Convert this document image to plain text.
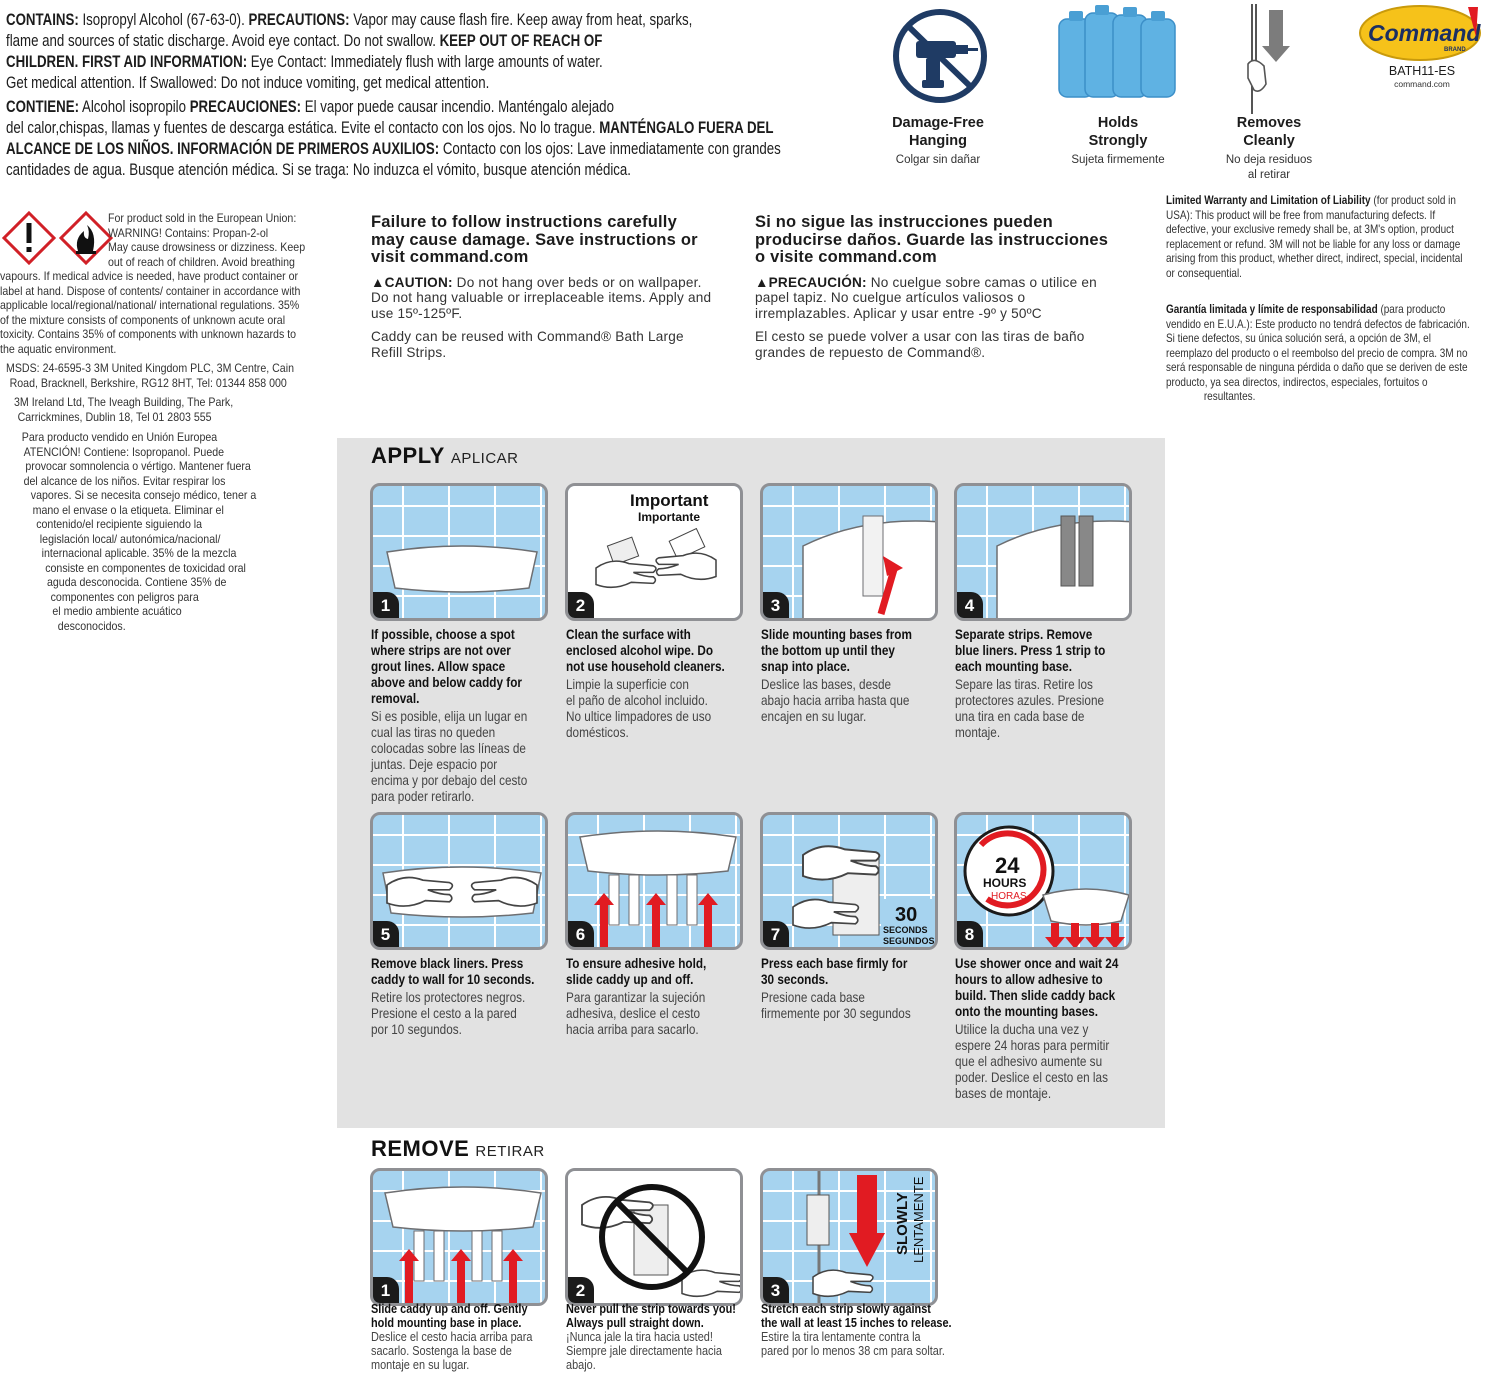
CONTAINS: Isopropyl Alcohol (67-63-0). PRECAUTIONS: Vapor may cause flash fire. Keep away from heat, sparks,

flame and sources of static discharge. Avoid eye contact. Do not swallow. KEEP OUT OF REACH OF

CHILDREN. FIRST AID INFORMATION: Eye Contact: Immediately flush with large amounts of water.

Get medical attention. If Swallowed: Do not induce vomiting, get medical attention.

CONTIENE: Alcohol isopropilo PRECAUCIONES: El vapor puede causar incendio. Manténgalo alejado

del calor,chispas, llamas y fuentes de descarga estática. Evite el contacto con los ojos. No lo trague. MANTÉNGALO FUERA DEL

ALCANCE DE LOS NIÑOS. INFORMACIÓN DE PRIMEROS AUXILIOS: Contacto con los ojos: Lave inmediatamente con grandes

cantidades de agua. Busque atención médica. Si se traga: No induzca el vómito, busque atención médica.

Damage-Free
Hanging
Colgar sin dañar
Holds
Strongly
Sujeta firmemente
Removes
Cleanly
No deja residuos
al retirar
Command
BRAND
BATH11-ES
command.com
For product sold in the European Union:
WARNING! Contains: Propan-2-ol
May cause drowsiness or dizziness. Keep
out of reach of children. Avoid breathing
vapours. If medical advice is needed, have product container or
label at hand. Dispose of contents/ container in accordance with
applicable local/regional/national/ international regulations. 35%
of the mixture consists of components of unknown acute oral
toxicity. Contains 35% of components with unknown hazards to
the aquatic environment.
MSDS: 24-6595-3 3M United Kingdom PLC, 3M Centre, Cain
Road, Bracknell, Berkshire, RG12 8HT, Tel: 01344 858 000
3M Ireland Ltd, The Iveagh Building, The Park,
Carrickmines, Dublin 18, Tel 01 2803 555
Para producto vendido en Unión Europea
ATENCIÓN! Contiene: Isopropanol. Puede
provocar somnolencia o vértigo. Mantener fuera
del alcance de los niños. Evitar respirar los
vapores. Si se necesita consejo médico, tener a
mano el envase o la etiqueta. Eliminar el
contenido/el recipiente siguiendo la
legislación local/ autonómica/nacional/
internacional aplicable. 35% de la mezcla
consiste en componentes de toxicidad oral
aguda desconocida. Contiene 35% de
componentes con peligros para
el medio ambiente acuático
desconocidos.
Failure to follow instructions carefully
may cause damage. Save instructions or
visit command.com
▲CAUTION: Do not hang over beds or on wallpaper.
Do not hang valuable or irreplaceable items. Apply and
use 15º-125ºF.
Caddy can be reused with Command® Bath Large
Refill Strips.
Si no sigue las instrucciones pueden
producirse daños. Guarde las instrucciones
o visite command.com
▲PRECAUCIÓN: No cuelgue sobre camas o utilice en
papel tapiz. No cuelgue artículos valiosos o
irremplazables. Aplicar y usar entre -9º y 50ºC
El cesto se puede volver a usar con las tiras de baño
grandes de repuesto de Command®.
Limited Warranty and Limitation of Liability (for product sold in
USA): This product will be free from manufacturing defects. If
defective, your exclusive remedy shall be, at 3M's option, product
replacement or refund. 3M will not be liable for any loss or damage
arising from this product, whether direct, indirect, special, incidental
or consequential.
Garantía limitada y límite de responsabilidad (para producto
vendido en E.U.A.): Este producto no tendrá defectos de fabricación.
Si tiene defectos, su única solución será, a opción de 3M, el
reemplazo del producto o el reembolso del precio de compra. 3M no
será responsable de ninguna pérdida o daño que se deriven de este
producto, ya sea directos, indirectos, especiales, fortuitos o
resultantes.
APPLY APLICAR
1
If possible, choose a spot
where strips are not over
grout lines. Allow space
above and below caddy for
removal.
Si es posible, elija un lugar en
cual las tiras no queden
colocadas sobre las líneas de
juntas. Deje espacio por
encima y por debajo del cesto
para poder retirarlo.
Important
Importante
2
Clean the surface with
enclosed alcohol wipe. Do
not use household cleaners.
Limpie la superficie con
el paño de alcohol incluido.
No ultice limpadores de uso
domésticos.
3
Slide mounting bases from
the bottom up until they
snap into place.
Deslice las bases, desde
abajo hacia arriba hasta que
encajen en su lugar.
4
Separate strips. Remove
blue liners. Press 1 strip to
each mounting base.
Separe las tiras. Retire los
protectores azules. Presione
una tira en cada base de
montaje.
5
Remove black liners. Press
caddy to wall for 10 seconds.
Retire los protectores negros.
Presione el cesto a la pared
por 10 segundos.
6
To ensure adhesive hold,
slide caddy up and off.
Para garantizar la sujeción
adhesiva, deslice el cesto
hacia arriba para sacarlo.
30
SECONDS
SEGUNDOS
7
Press each base firmly for
30 seconds.
Presione cada base
firmemente por 30 segundos
24
HOURS
HORAS
8
Use shower once and wait 24
hours to allow adhesive to
build. Then slide caddy back
onto the mounting bases.
Utilice la ducha una vez y
espere 24 horas para permitir
que el adhesivo aumente su
poder. Deslice el cesto en las
bases de montaje.
REMOVE RETIRAR
1
Slide caddy up and off. Gently
hold mounting base in place.
Deslice el cesto hacia arriba para
sacarlo. Sostenga la base de
montaje en su lugar.
2
Never pull the strip towards you!
Always pull straight down.
¡Nunca jale la tira hacia usted!
Siempre jale directamente hacia
abajo.
SLOWLY LENTAMENTE
3
Stretch each strip slowly against
the wall at least 15 inches to release.
Estire la tira lentamente contra la
pared por lo menos 38 cm para soltar.
